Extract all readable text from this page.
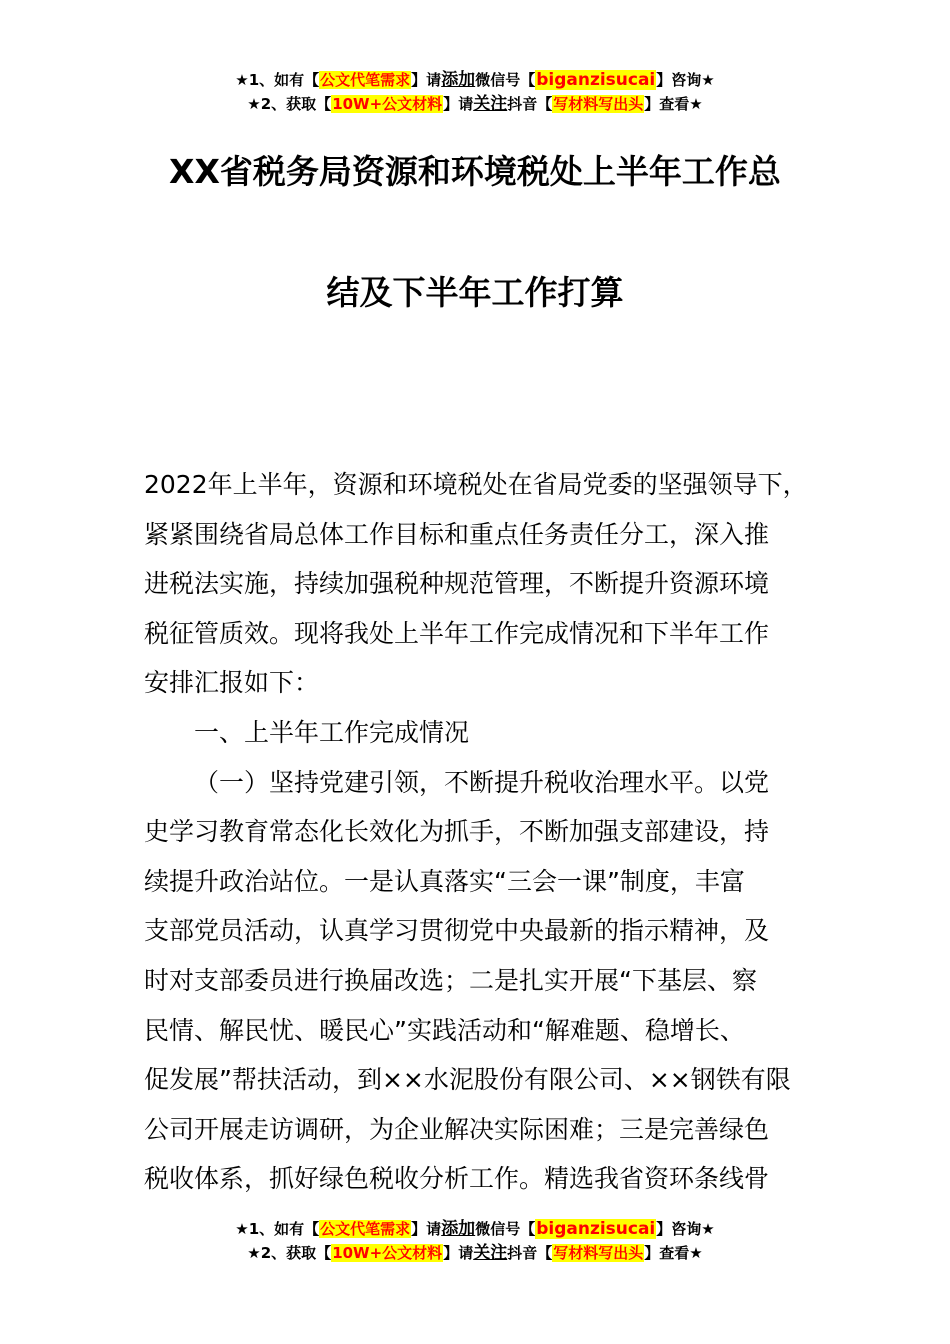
★1、如有【公文代笔需求】请添加微信号【biganzisucai】咨询★
★2、获取【10W+公文材料】请关注抖音【写材料写出头】查看★
XX省税务局资源和环境税处上半年工作总
结及下半年工作打算
2022年上半年，资源和环境税处在省局党委的坚强领导下，
紧紧围绕省局总体工作目标和重点任务责任分工，深入推
进税法实施，持续加强税种规范管理，不断提升资源环境
税征管质效。现将我处上半年工作完成情况和下半年工作
安排汇报如下：
一、上半年工作完成情况
（一）坚持党建引领，不断提升税收治理水平。以党
史学习教育常态化长效化为抓手，不断加强支部建设，持
续提升政治站位。一是认真落实“三会一课”制度，丰富
支部党员活动，认真学习贯彻党中央最新的指示精神，及
时对支部委员进行换届改选；二是扎实开展“下基层、察
民情、解民忧、暖民心”实践活动和“解难题、稳增长、
促发展”帮扶活动，到××水泥股份有限公司、××钢铁有限
公司开展走访调研，为企业解决实际困难；三是完善绿色
税收体系，抓好绿色税收分析工作。精选我省资环条线骨
★1、如有【公文代笔需求】请添加微信号【biganzisucai】咨询★
★2、获取【10W+公文材料】请关注抖音【写材料写出头】查看★
